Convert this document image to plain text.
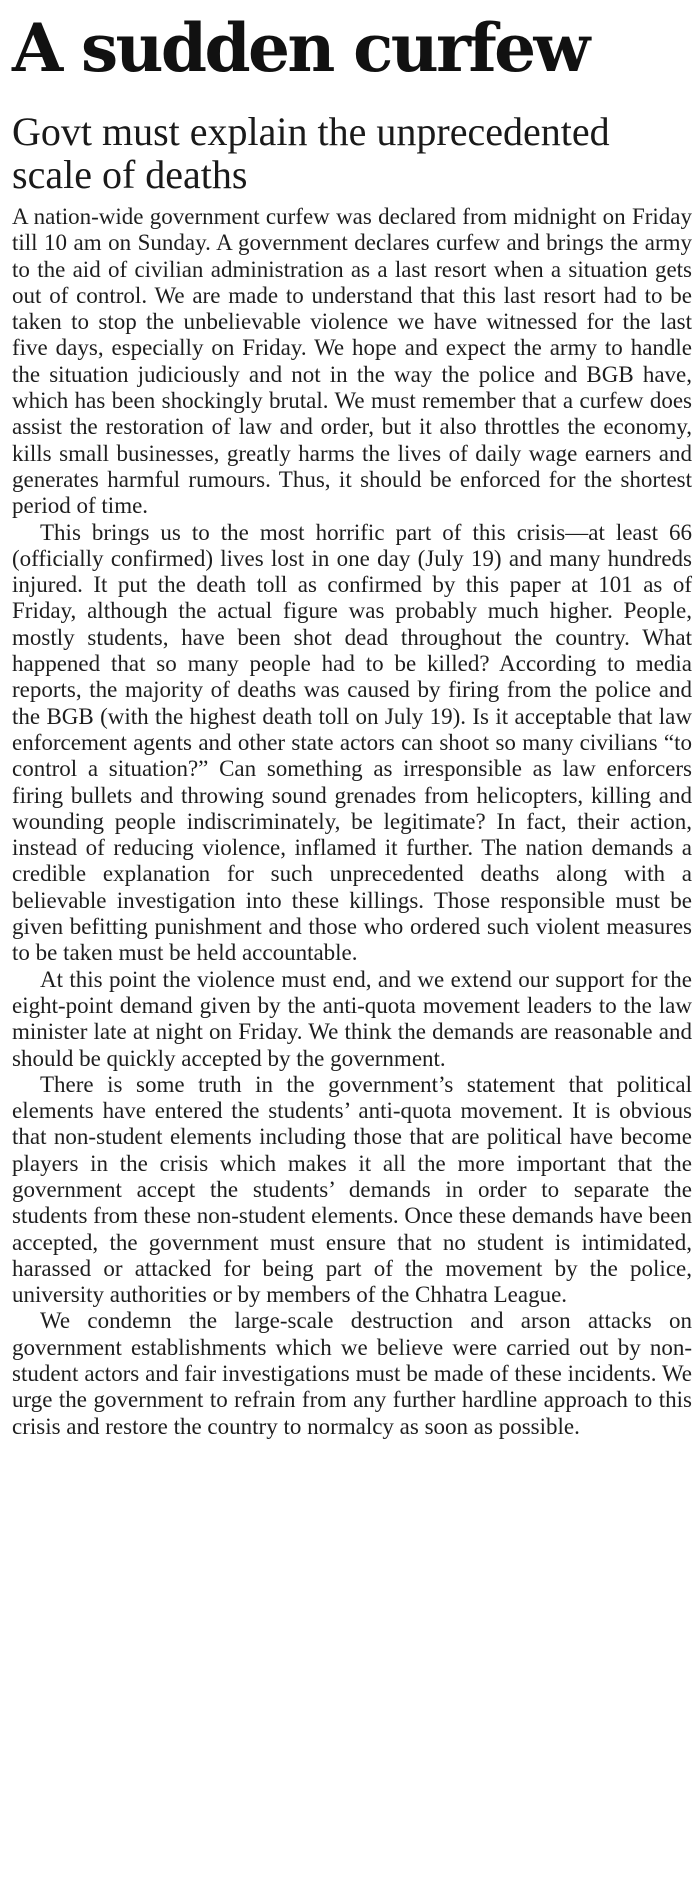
A sudden curfew
Govt must explain the unprecedented scale of deaths

A nation-wide government curfew was declared from midnight on Friday till 10 am on Sunday. A government declares curfew and brings the army to the aid of civilian administration as a last resort when a situation gets out of control. We are made to understand that this last resort had to be taken to stop the unbelievable violence we have witnessed for the last five days, especially on Friday. We hope and expect the army to handle the situation judiciously and not in the way the police and BGB have, which has been shockingly brutal. We must remember that a curfew does assist the restoration of law and order, but it also throttles the economy, kills small businesses, greatly harms the lives of daily wage earners and generates harmful rumours. Thus, it should be enforced for the shortest period of time.

This brings us to the most horrific part of this crisis—at least 66 (officially confirmed) lives lost in one day (July 19) and many hundreds injured. It put the death toll as confirmed by this paper at 101 as of Friday, although the actual figure was probably much higher. People, mostly students, have been shot dead throughout the country. What happened that so many people had to be killed? According to media reports, the majority of deaths was caused by firing from the police and the BGB (with the highest death toll on July 19). Is it acceptable that law enforcement agents and other state actors can shoot so many civilians “to control a situation?” Can something as irresponsible as law enforcers firing bullets and throwing sound grenades from helicopters, killing and wounding people indiscriminately, be legitimate? In fact, their action, instead of reducing violence, inflamed it further. The nation demands a credible explanation for such unprecedented deaths along with a believable investigation into these killings. Those responsible must be given befitting punishment and those who ordered such violent measures to be taken must be held accountable.

At this point the violence must end, and we extend our support for the eight-point demand given by the anti-quota movement leaders to the law minister late at night on Friday. We think the demands are reasonable and should be quickly accepted by the government.

There is some truth in the government’s statement that political elements have entered the students’ anti-quota movement. It is obvious that non-student elements including those that are political have become players in the crisis which makes it all the more important that the government accept the students’ demands in order to separate the students from these non-student elements. Once these demands have been accepted, the government must ensure that no student is intimidated, harassed or attacked for being part of the movement by the police, university authorities or by members of the Chhatra League.

We condemn the large-scale destruction and arson attacks on government establishments which we believe were carried out by non-student actors and fair investigations must be made of these incidents. We urge the government to refrain from any further hardline approach to this crisis and restore the country to normalcy as soon as possible.
